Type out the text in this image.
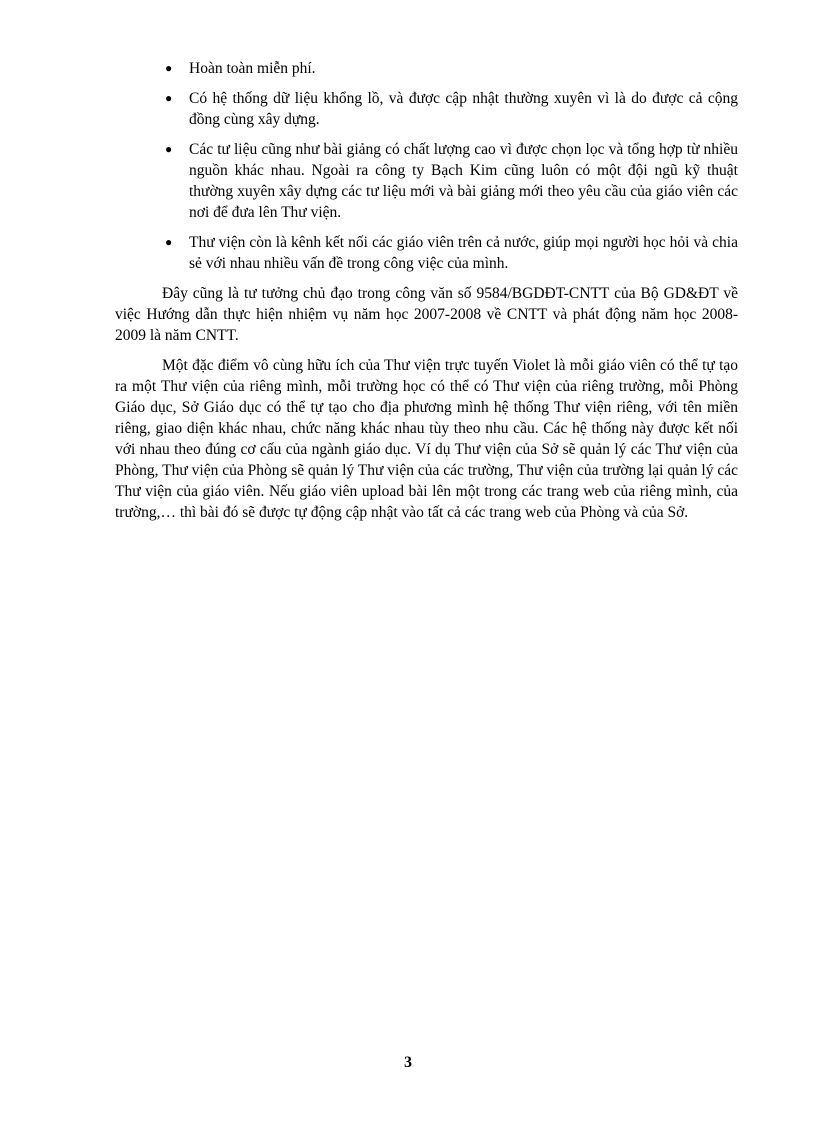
● Hoàn toàn miễn phí.
● Có hệ thống dữ liệu khổng lồ, và được cập nhật thường xuyên vì là do được cả cộng đồng cùng xây dựng.
● Các tư liệu cũng như bài giảng có chất lượng cao vì được chọn lọc và tổng hợp từ nhiều nguồn khác nhau. Ngoài ra công ty Bạch Kim cũng luôn có một đội ngũ kỹ thuật thường xuyên xây dựng các tư liệu mới và bài giảng mới theo yêu cầu của giáo viên các nơi để đưa lên Thư viện.
● Thư viện còn là kênh kết nối các giáo viên trên cả nước, giúp mọi người học hỏi và chia sẻ với nhau nhiều vấn đề trong công việc của mình.

Đây cũng là tư tưởng chủ đạo trong công văn số 9584/BGDĐT-CNTT của Bộ GD&ĐT về việc Hướng dẫn thực hiện nhiệm vụ năm học 2007-2008 về CNTT và phát động năm học 2008-2009 là năm CNTT.

Một đặc điểm vô cùng hữu ích của Thư viện trực tuyến Violet là mỗi giáo viên có thể tự tạo ra một Thư viện của riêng mình, mỗi trường học có thể có Thư viện của riêng trường, mỗi Phòng Giáo dục, Sở Giáo dục có thể tự tạo cho địa phương mình hệ thống Thư viện riêng, với tên miền riêng, giao diện khác nhau, chức năng khác nhau tùy theo nhu cầu. Các hệ thống này được kết nối với nhau theo đúng cơ cấu của ngành giáo dục. Ví dụ Thư viện của Sở sẽ quản lý các Thư viện của Phòng, Thư viện của Phòng sẽ quản lý Thư viện của các trường, Thư viện của trường lại quản lý các Thư viện của giáo viên. Nếu giáo viên upload bài lên một trong các trang web của riêng mình, của trường,… thì bài đó sẽ được tự động cập nhật vào tất cả các trang web của Phòng và của Sở.

3
